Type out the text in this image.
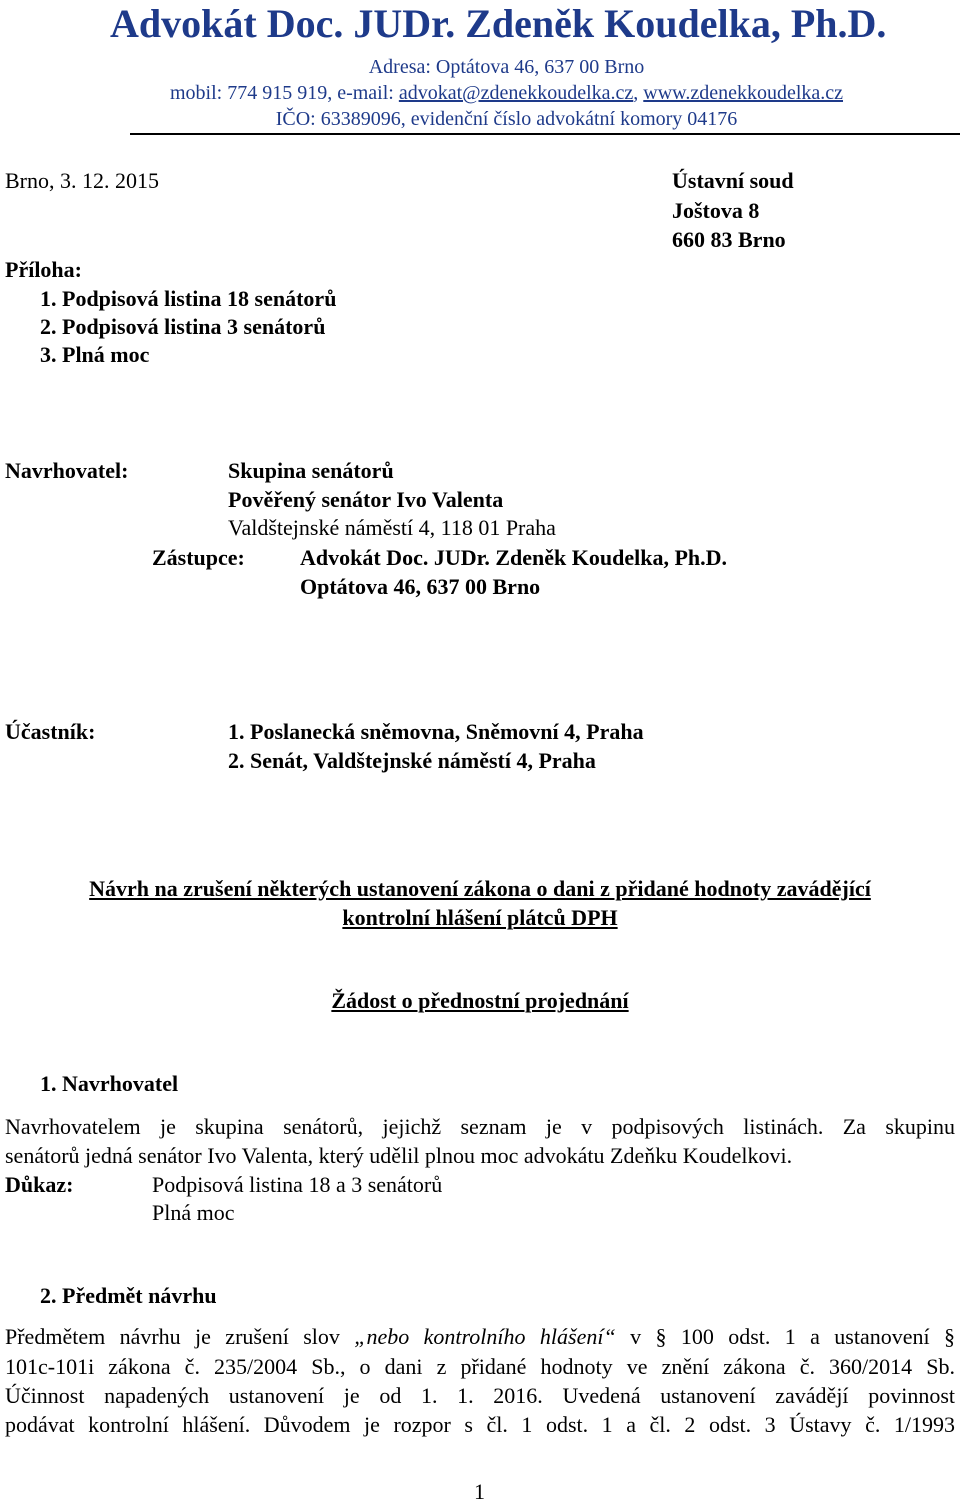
Advokát Doc. JUDr. Zdeněk Koudelka, Ph.D.
Adresa: Optátova 46, 637 00 Brno
mobil: 774 915 919, e-mail: advokat@zdenekkoudelka.cz, www.zdenekkoudelka.cz
IČO: 63389096, evidenční číslo advokátní komory 04176
Brno, 3. 12. 2015	Ústavní soud
Joštova 8
660 83 Brno
Příloha:
1. Podpisová listina 18 senátorů
2. Podpisová listina 3 senátorů
3. Plná moc
Navrhovatel:	Skupina senátorů
Pověřený senátor Ivo Valenta
Valdštejnské náměstí 4, 118 01 Praha
Zástupce:	Advokát Doc. JUDr. Zdeněk Koudelka, Ph.D.
Optátova 46, 637 00 Brno
Účastník:	1. Poslanecká sněmovna, Sněmovní 4, Praha
2. Senát, Valdštejnské náměstí 4, Praha
Návrh na zrušení některých ustanovení zákona o dani z přidané hodnoty zavádějící
kontrolní hlášení plátců DPH
Žádost o přednostní projednání
1. Navrhovatel
Navrhovatelem je skupina senátorů, jejichž seznam je v podpisových listinách. Za skupinu
senátorů jedná senátor Ivo Valenta, který udělil plnou moc advokátu Zdeňku Koudelkovi.
Důkaz:	Podpisová listina 18 a 3 senátorů
Plná moc
2. Předmět návrhu
Předmětem návrhu je zrušení slov „nebo kontrolního hlášení“ v § 100 odst. 1 a ustanovení §
101c-101i zákona č. 235/2004 Sb., o dani z přidané hodnoty ve znění zákona č. 360/2014 Sb.
Účinnost napadených ustanovení je od 1. 1. 2016. Uvedená ustanovení zavádějí povinnost
podávat kontrolní hlášení. Důvodem je rozpor s čl. 1 odst. 1 a čl. 2 odst. 3 Ústavy č. 1/1993
1
